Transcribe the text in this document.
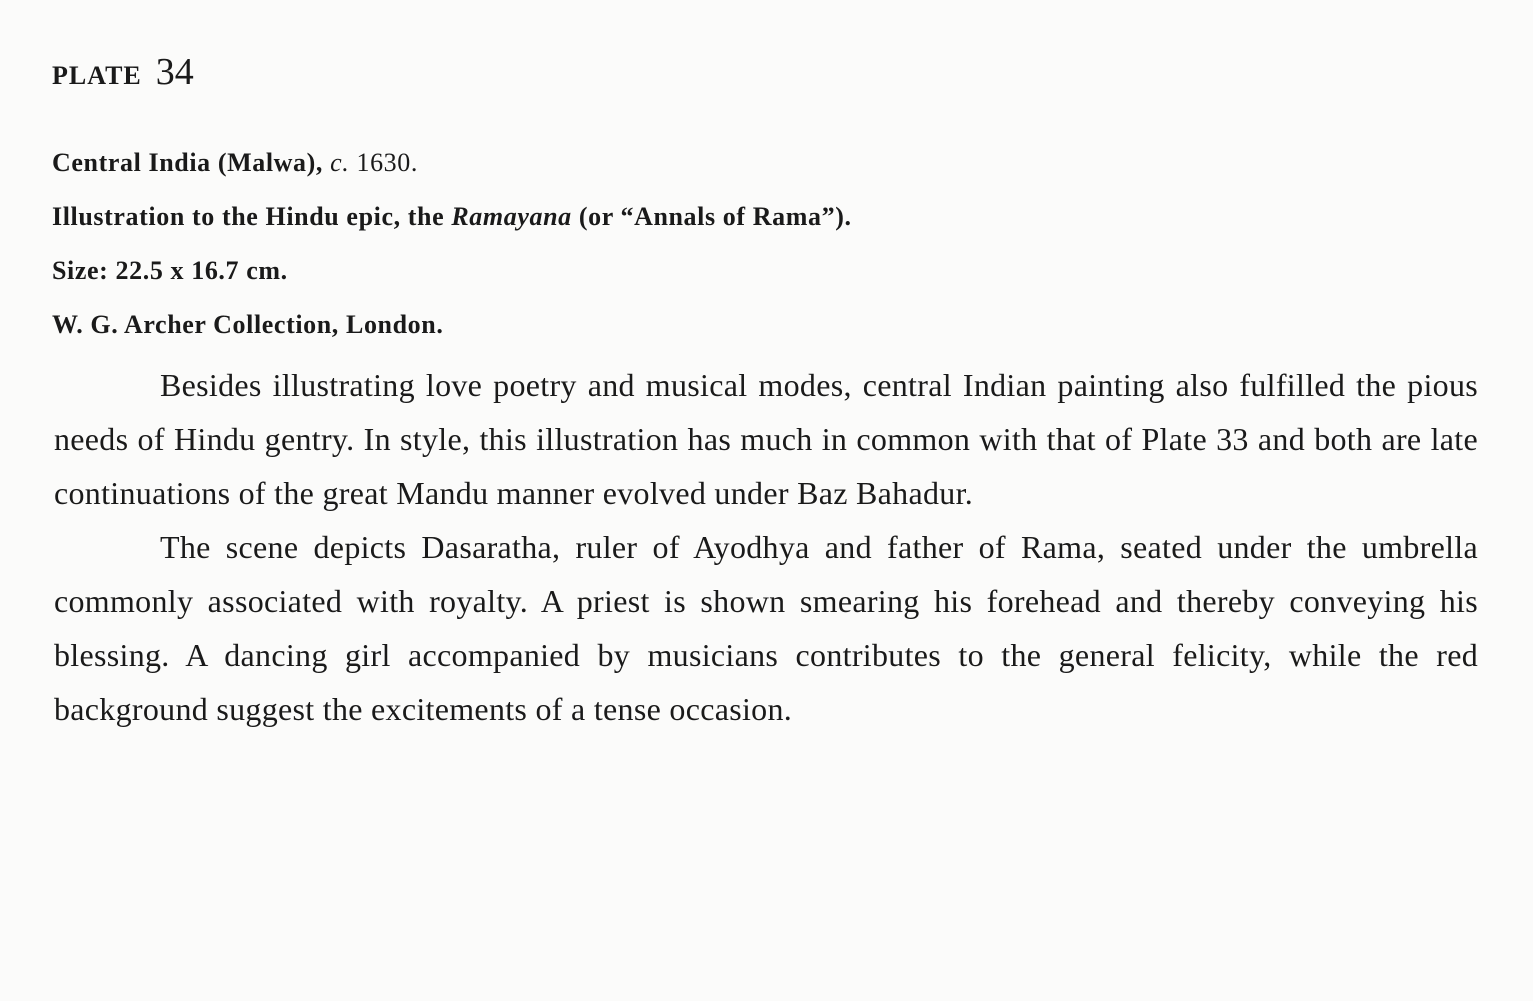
PLATE 34
Central India (Malwa), c. 1630.
Illustration to the Hindu epic, the Ramayana (or “Annals of Rama”).
Size: 22.5 x 16.7 cm.
W. G. Archer Collection, London.

Besides illustrating love poetry and musical modes, central Indian painting also fulfilled the pious needs of Hindu gentry. In style, this illustration has much in common with that of Plate 33 and both are late continuations of the great Mandu manner evolved under Baz Bahadur.

The scene depicts Dasaratha, ruler of Ayodhya and father of Rama, seated under the umbrella commonly associated with royalty. A priest is shown smearing his forehead and thereby conveying his blessing. A dancing girl accompanied by musicians contributes to the general felicity, while the red background suggest the excitements of a tense occasion.
